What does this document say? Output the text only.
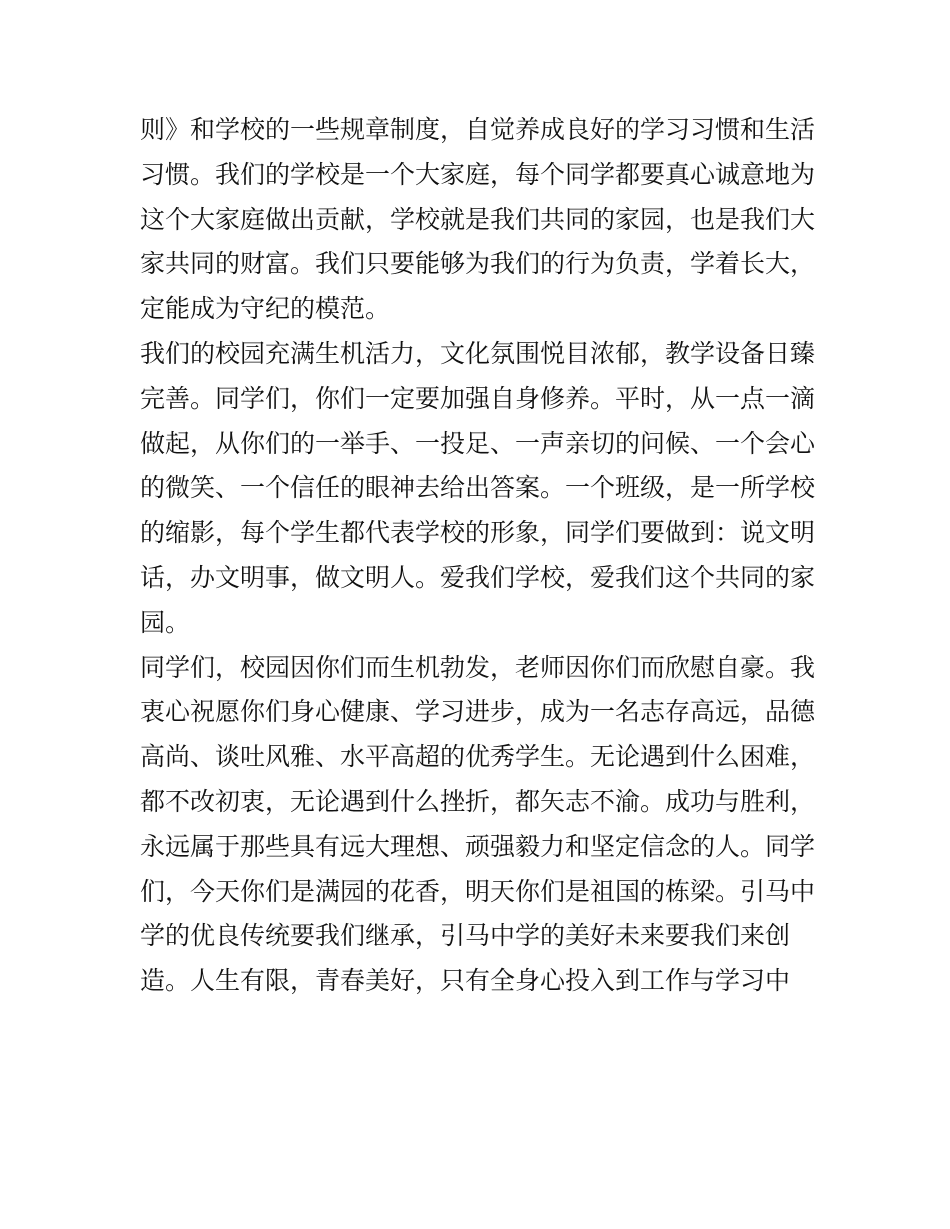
则》和学校的一些规章制度，自觉养成良好的学习习惯和生活
习惯。我们的学校是一个大家庭，每个同学都要真心诚意地为
这个大家庭做出贡献，学校就是我们共同的家园，也是我们大
家共同的财富。我们只要能够为我们的行为负责，学着长大，
定能成为守纪的模范。

我们的校园充满生机活力，文化氛围悦目浓郁，教学设备日臻
完善。同学们，你们一定要加强自身修养。平时，从一点一滴
做起，从你们的一举手、一投足、一声亲切的问候、一个会心
的微笑、一个信任的眼神去给出答案。一个班级，是一所学校
的缩影，每个学生都代表学校的形象，同学们要做到：说文明
话，办文明事，做文明人。爱我们学校，爱我们这个共同的家
园。

同学们，校园因你们而生机勃发，老师因你们而欣慰自豪。我
衷心祝愿你们身心健康、学习进步，成为一名志存高远，品德
高尚、谈吐风雅、水平高超的优秀学生。无论遇到什么困难，
都不改初衷，无论遇到什么挫折，都矢志不渝。成功与胜利，
永远属于那些具有远大理想、顽强毅力和坚定信念的人。同学
们，今天你们是满园的花香，明天你们是祖国的栋梁。引马中
学的优良传统要我们继承，引马中学的美好未来要我们来创
造。人生有限，青春美好，只有全身心投入到工作与学习中
